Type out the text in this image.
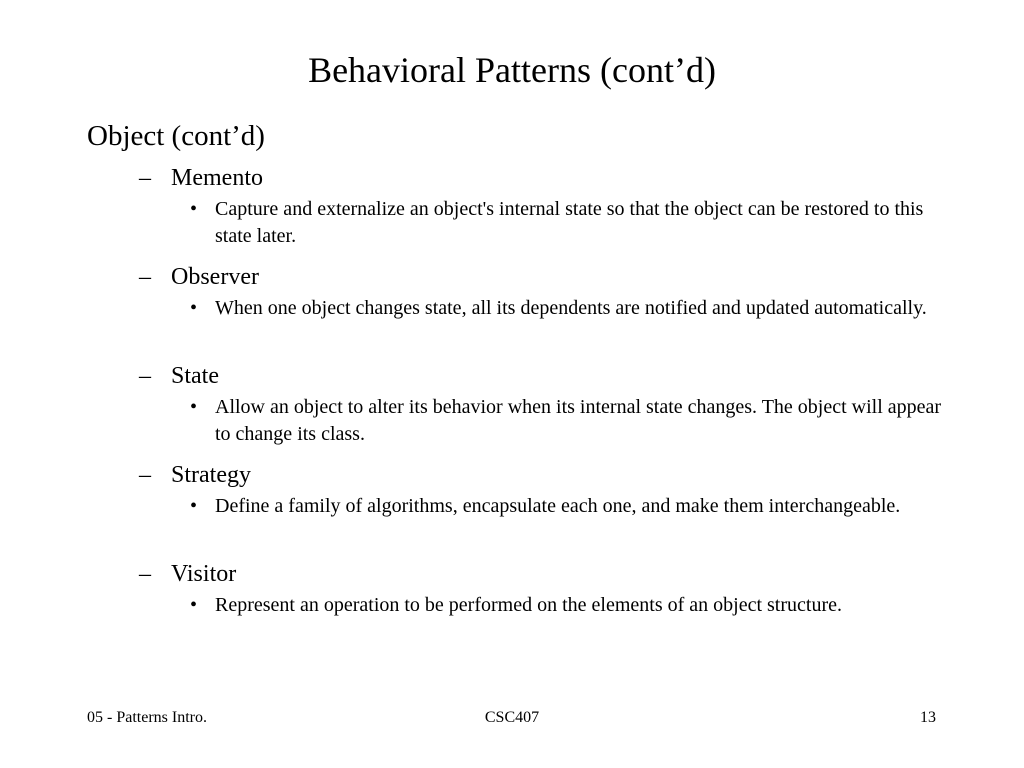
Behavioral Patterns (cont’d)
Object (cont’d)
– Memento
• Capture and externalize an object's internal state so that the object can be restored to this state later.
– Observer
• When one object changes state, all its dependents are notified and updated automatically.
– State
• Allow an object to alter its behavior when its internal state changes. The object will appear to change its class.
– Strategy
• Define a family of algorithms, encapsulate each one, and make them interchangeable.
– Visitor
• Represent an operation to be performed on the elements of an object structure.
05 - Patterns Intro.	CSC407	13
